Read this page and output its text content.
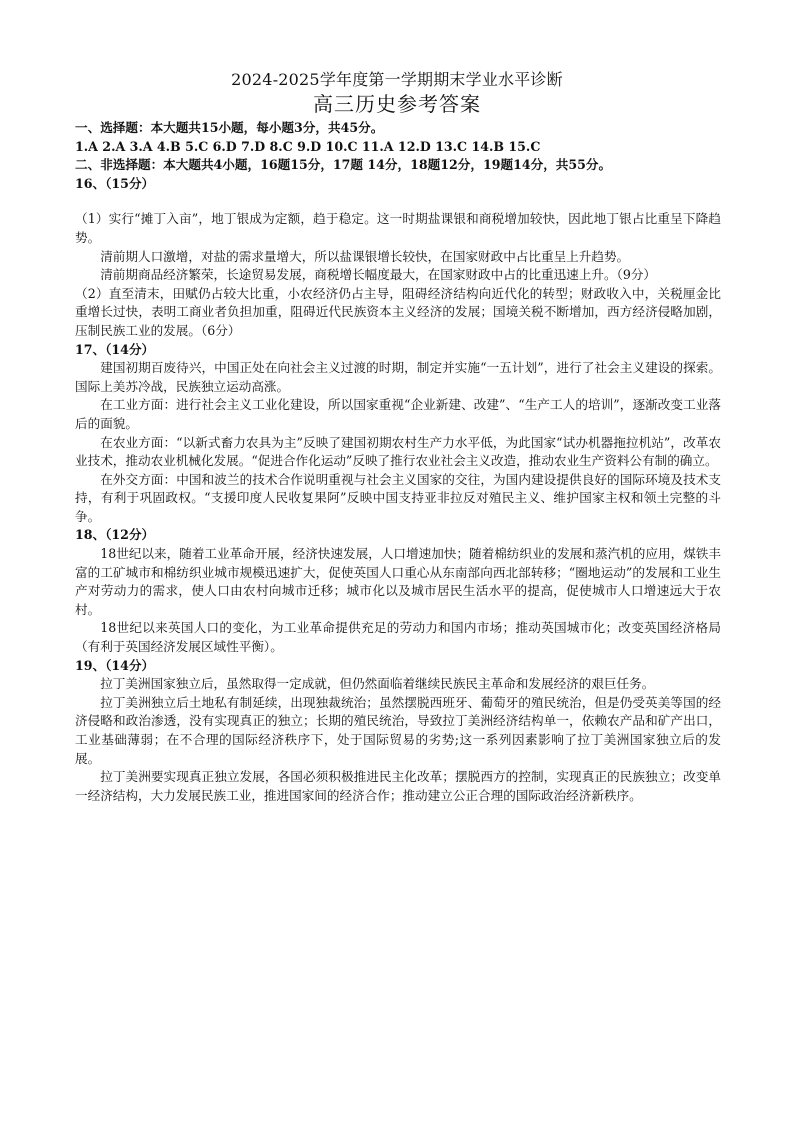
2024-2025学年度第一学期期末学业水平诊断
高三历史参考答案

一、选择题：本大题共15小题，每小题3分，共45分。

1.A 2.A 3.A 4.B 5.C 6.D 7.D 8.C 9.D 10.C 11.A 12.D 13.C 14.B 15.C

二、非选择题：本大题共4小题，16题15分，17题 14分，18题12分，19题14分，共55分。

16、（15分）

（1）实行“摊丁入亩”，地丁银成为定额，趋于稳定。这一时期盐课银和商税增加较快，因此地丁银占比重呈下降趋势。

清前期人口激增，对盐的需求量增大，所以盐课银增长较快，在国家财政中占比重呈上升趋势。

清前期商品经济繁荣，长途贸易发展，商税增长幅度最大，在国家财政中占的比重迅速上升。（9分）

（2）直至清末，田赋仍占较大比重，小农经济仍占主导，阻碍经济结构向近代化的转型；财政收入中，关税厘金比重增长过快，表明工商业者负担加重，阻碍近代民族资本主义经济的发展；国境关税不断增加，西方经济侵略加剧，压制民族工业的发展。（6分）

17、（14分）

建国初期百废待兴，中国正处在向社会主义过渡的时期，制定并实施“一五计划”，进行了社会主义建设的探索。国际上美苏冷战，民族独立运动高涨。

在工业方面：进行社会主义工业化建设，所以国家重视“企业新建、改建”、“生产工人的培训”，逐渐改变工业落后的面貌。

在农业方面：“以新式畜力农具为主”反映了建国初期农村生产力水平低，为此国家“试办机器拖拉机站”，改革农业技术，推动农业机械化发展。“促进合作化运动”反映了推行农业社会主义改造，推动农业生产资料公有制的确立。

在外交方面：中国和波兰的技术合作说明重视与社会主义国家的交往，为国内建设提供良好的国际环境及技术支持，有利于巩固政权。“支援印度人民收复果阿”反映中国支持亚非拉反对殖民主义、维护国家主权和领土完整的斗争。

18、（12分）

18世纪以来，随着工业革命开展，经济快速发展，人口增速加快；随着棉纺织业的发展和蒸汽机的应用，煤铁丰富的工矿城市和棉纺织业城市规模迅速扩大，促使英国人口重心从东南部向西北部转移；“圈地运动”的发展和工业生产对劳动力的需求，使人口由农村向城市迁移；城市化以及城市居民生活水平的提高，促使城市人口增速远大于农村。

18世纪以来英国人口的变化，为工业革命提供充足的劳动力和国内市场；推动英国城市化；改变英国经济格局（有利于英国经济发展区域性平衡）。

19、（14分）

拉丁美洲国家独立后，虽然取得一定成就，但仍然面临着继续民族民主革命和发展经济的艰巨任务。

拉丁美洲独立后土地私有制延续，出现独裁统治；虽然摆脱西班牙、葡萄牙的殖民统治，但是仍受英美等国的经济侵略和政治渗透，没有实现真正的独立；长期的殖民统治，导致拉丁美洲经济结构单一，依赖农产品和矿产出口，工业基础薄弱；在不合理的国际经济秩序下，处于国际贸易的劣势;这一系列因素影响了拉丁美洲国家独立后的发展。

拉丁美洲要实现真正独立发展，各国必须积极推进民主化改革；摆脱西方的控制，实现真正的民族独立；改变单一经济结构，大力发展民族工业，推进国家间的经济合作；推动建立公正合理的国际政治经济新秩序。
